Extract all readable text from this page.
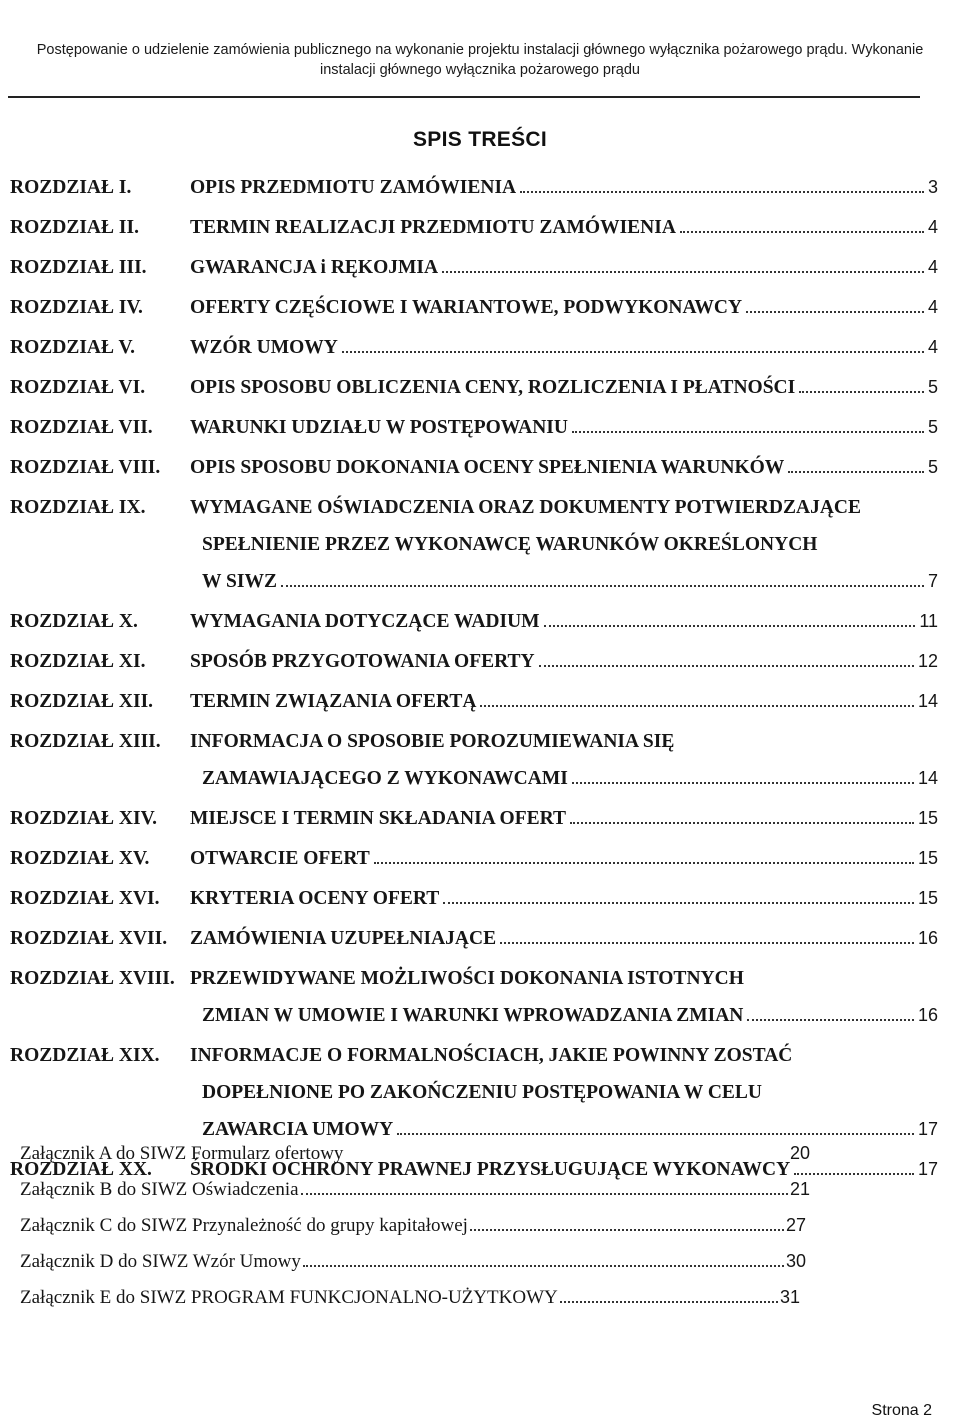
Postępowanie o udzielenie zamówienia publicznego na wykonanie projektu instalacji głównego wyłącznika pożarowego prądu. Wykonanie
instalacji głównego wyłącznika pożarowego prądu
SPIS TREŚCI
ROZDZIAŁ I.	OPIS PRZEDMIOTU ZAMÓWIENIA	3
ROZDZIAŁ II.	TERMIN REALIZACJI PRZEDMIOTU ZAMÓWIENIA	4
ROZDZIAŁ III. GWARANCJA i RĘKOJMIA	4
ROZDZIAŁ IV. OFERTY CZĘŚCIOWE I WARIANTOWE, PODWYKONAWCY	4
ROZDZIAŁ V.	WZÓR UMOWY	4
ROZDZIAŁ VI. OPIS SPOSOBU OBLICZENIA CENY, ROZLICZENIA I PŁATNOŚCI	5
ROZDZIAŁ VII. WARUNKI UDZIAŁU W POSTĘPOWANIU	5
ROZDZIAŁ VIII. OPIS SPOSOBU DOKONANIA OCENY SPEŁNIENIA WARUNKÓW	5
ROZDZIAŁ IX. WYMAGANE OŚWIADCZENIA ORAZ DOKUMENTY POTWIERDZAJĄCE
SPEŁNIENIE PRZEZ WYKONAWCĘ WARUNKÓW OKREŚLONYCH
W SIWZ	7
ROZDZIAŁ X.	WYMAGANIA DOTYCZĄCE WADIUM	11
ROZDZIAŁ XI. SPOSÓB PRZYGOTOWANIA OFERTY	12
ROZDZIAŁ XII. TERMIN ZWIĄZANIA OFERTĄ	14
ROZDZIAŁ XIII. INFORMACJA O SPOSOBIE POROZUMIEWANIA SIĘ
ZAMAWIAJĄCEGO Z WYKONAWCAMI	14
ROZDZIAŁ XIV. MIEJSCE I TERMIN SKŁADANIA OFERT	15
ROZDZIAŁ XV. OTWARCIE OFERT	15
ROZDZIAŁ XVI. KRYTERIA OCENY OFERT	15
ROZDZIAŁ XVII. ZAMÓWIENIA UZUPEŁNIAJĄCE	16
ROZDZIAŁ XVIII. PRZEWIDYWANE MOŻLIWOŚCI DOKONANIA ISTOTNYCH
ZMIAN W UMOWIE I WARUNKI WPROWADZANIA ZMIAN	16
ROZDZIAŁ XIX. INFORMACJE O FORMALNOŚCIACH, JAKIE POWINNY ZOSTAĆ
DOPEŁNIONE PO ZAKOŃCZENIU POSTĘPOWANIA W CELU
ZAWARCIA UMOWY	17
ROZDZIAŁ XX. ŚRODKI OCHRONY PRAWNEJ PRZYSŁUGUJĄCE WYKONAWCY	17
Załącznik A do SIWZ Formularz ofertowy	20
Załącznik B do SIWZ Oświadczenia	21
Załącznik C do SIWZ Przynależność do grupy kapitałowej	27
Załącznik D do SIWZ Wzór Umowy	30
Załącznik E do SIWZ PROGRAM FUNKCJONALNO-UŻYTKOWY	31
Strona 2
